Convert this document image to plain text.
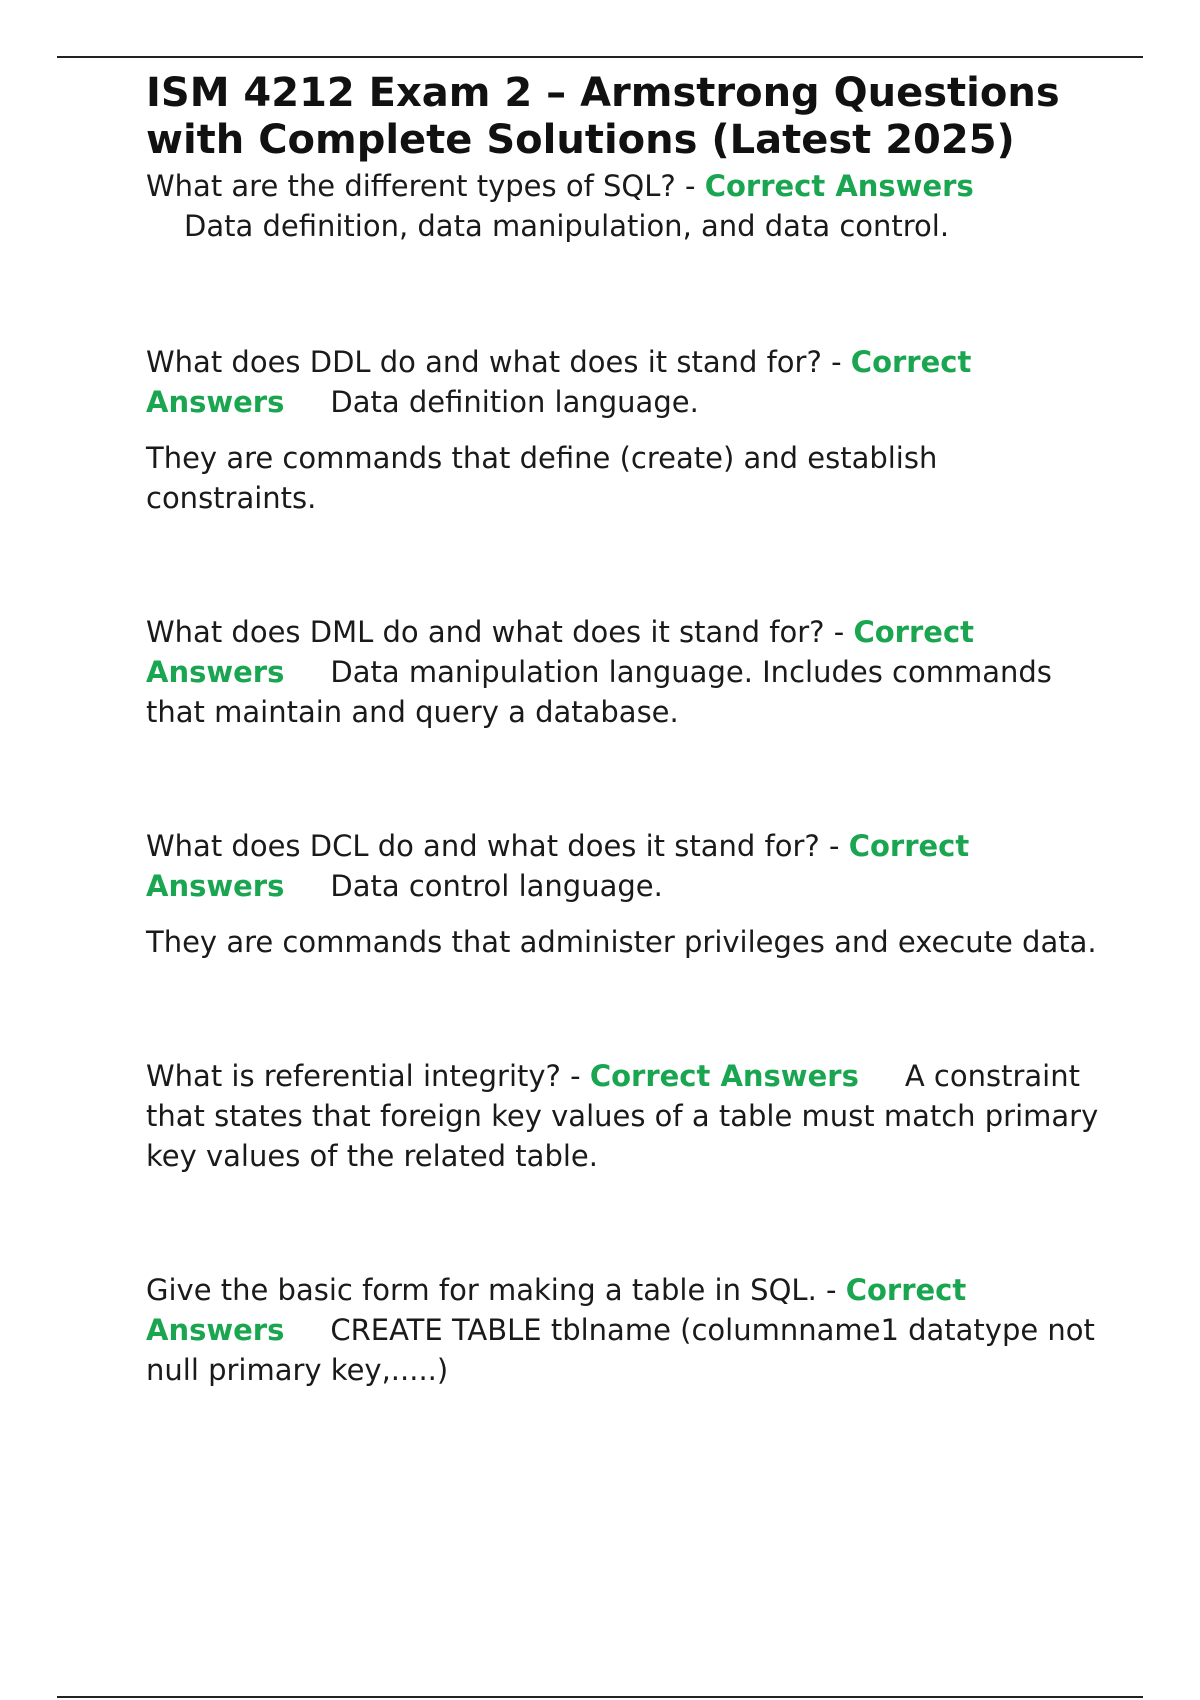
ISM 4212 Exam 2 – Armstrong Questions with Complete Solutions (Latest 2025)

What are the different types of SQL? - Correct Answers

Data definition, data manipulation, and data control.

What does DDL do and what does it stand for? - Correct Answers Data definition language.

They are commands that define (create) and establish constraints.

What does DML do and what does it stand for? - Correct Answers Data manipulation language. Includes commands that maintain and query a database.

What does DCL do and what does it stand for? - Correct Answers Data control language.

They are commands that administer privileges and execute data.

What is referential integrity? - Correct Answers A constraint that states that foreign key values of a table must match primary key values of the related table.

Give the basic form for making a table in SQL. - Correct Answers CREATE TABLE tblname (columnname1 datatype not null primary key,.....)
